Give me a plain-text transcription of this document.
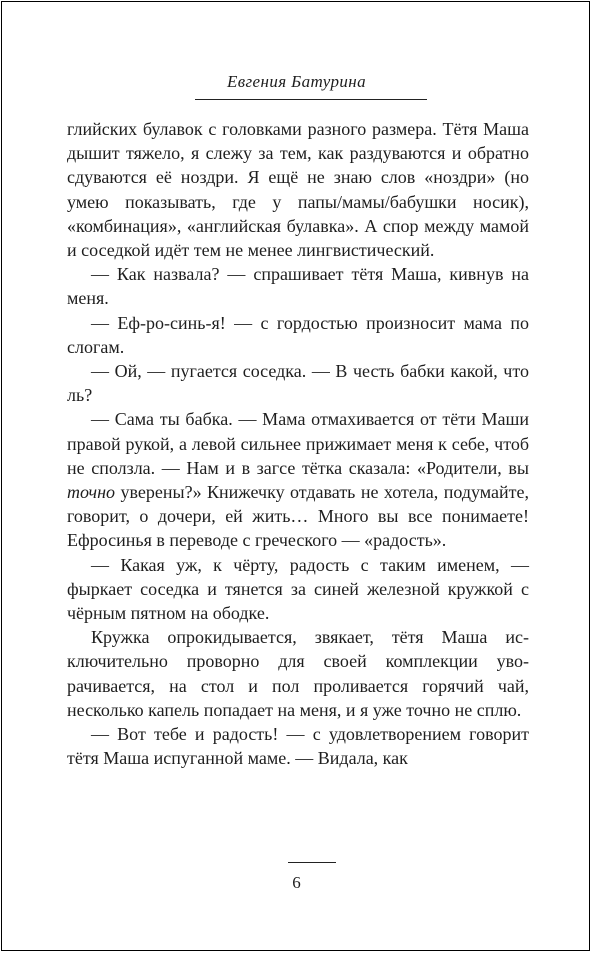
Евгения Батурина

глийских булавок с головками разного размера. Тётя Маша дышит тяжело, я слежу за тем, как раздуваются и обратно сдуваются её ноздри. Я ещё не знаю слов «ноздри» (но умею показывать, где у папы/мамы/бабушки носик), «комбинация», «английская булавка». А спор между мамой и соседкой идёт тем не менее лингвистический.

— Как назвала? — спрашивает тётя Маша, кивнув на меня.

— Еф-ро-синь-я! — с гордостью произносит мама по слогам.

— Ой, — пугается соседка. — В честь бабки какой, что ль?

— Сама ты бабка. — Мама отмахивается от тёти Маши правой рукой, а левой сильнее прижимает меня к себе, чтоб не сползла. — Нам и в загсе тётка сказала: «Родители, вы точно уверены?» Книжечку отдавать не хотела, подумайте, говорит, о дочери, ей жить… Много вы все понимаете! Ефросинья в переводе с греческого — «радость».

— Какая уж, к чёрту, радость с таким именем, — фыркает соседка и тянется за синей железной кружкой с чёрным пятном на ободке.

Кружка опрокидывается, звякает, тётя Маша исключительно проворно для своей комплекции уворачивается, на стол и пол проливается горячий чай, несколько капель попадает на меня, и я уже точно не сплю.

— Вот тебе и радость! — с удовлетворением говорит тётя Маша испуганной маме. — Видала, как

6
